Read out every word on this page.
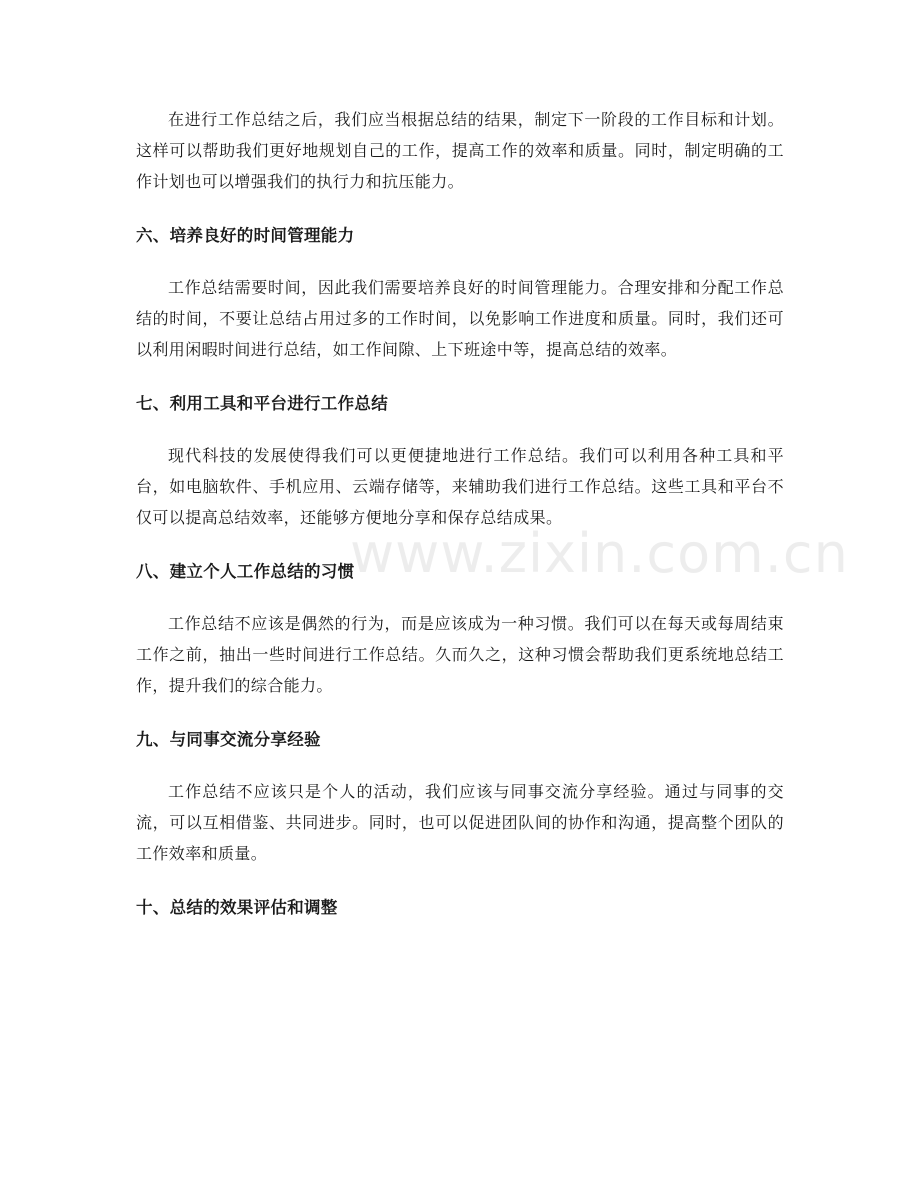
www.zixin.com.cn

在进行工作总结之后，我们应当根据总结的结果，制定下一阶段的工作目标和计划。这样可以帮助我们更好地规划自己的工作，提高工作的效率和质量。同时，制定明确的工作计划也可以增强我们的执行力和抗压能力。

六、培养良好的时间管理能力

工作总结需要时间，因此我们需要培养良好的时间管理能力。合理安排和分配工作总结的时间，不要让总结占用过多的工作时间，以免影响工作进度和质量。同时，我们还可以利用闲暇时间进行总结，如工作间隙、上下班途中等，提高总结的效率。

七、利用工具和平台进行工作总结

现代科技的发展使得我们可以更便捷地进行工作总结。我们可以利用各种工具和平台，如电脑软件、手机应用、云端存储等，来辅助我们进行工作总结。这些工具和平台不仅可以提高总结效率，还能够方便地分享和保存总结成果。

八、建立个人工作总结的习惯

工作总结不应该是偶然的行为，而是应该成为一种习惯。我们可以在每天或每周结束工作之前，抽出一些时间进行工作总结。久而久之，这种习惯会帮助我们更系统地总结工作，提升我们的综合能力。

九、与同事交流分享经验

工作总结不应该只是个人的活动，我们应该与同事交流分享经验。通过与同事的交流，可以互相借鉴、共同进步。同时，也可以促进团队间的协作和沟通，提高整个团队的工作效率和质量。

十、总结的效果评估和调整
